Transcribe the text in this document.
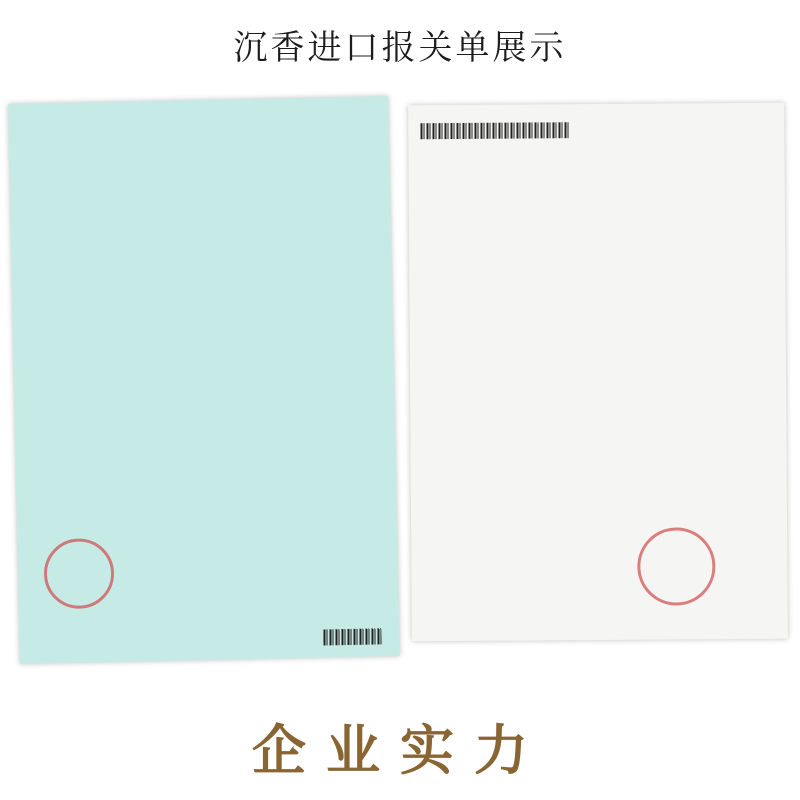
沉香进口报关单展示
企业实力
